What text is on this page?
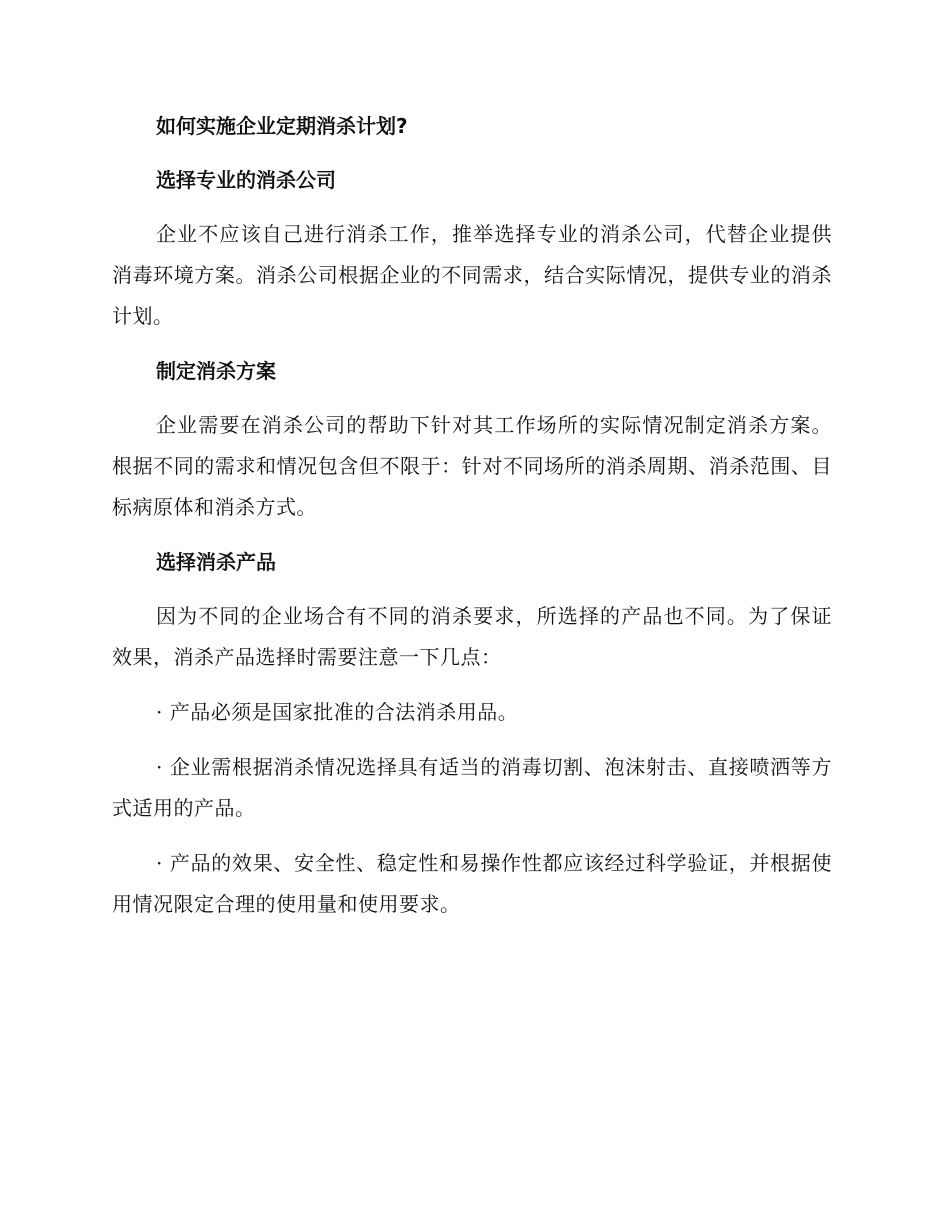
如何实施企业定期消杀计划?
选择专业的消杀公司
企业不应该自己进行消杀工作，推举选择专业的消杀公司，代替企业提供消毒环境方案。消杀公司根据企业的不同需求，结合实际情况，提供专业的消杀计划。
制定消杀方案
企业需要在消杀公司的帮助下针对其工作场所的实际情况制定消杀方案。根据不同的需求和情况包含但不限于：针对不同场所的消杀周期、消杀范围、目标病原体和消杀方式。
选择消杀产品
因为不同的企业场合有不同的消杀要求，所选择的产品也不同。为了保证效果，消杀产品选择时需要注意一下几点：
· 产品必须是国家批准的合法消杀用品。
· 企业需根据消杀情况选择具有适当的消毒切割、泡沫射击、直接喷洒等方式适用的产品。
· 产品的效果、安全性、稳定性和易操作性都应该经过科学验证，并根据使用情况限定合理的使用量和使用要求。
